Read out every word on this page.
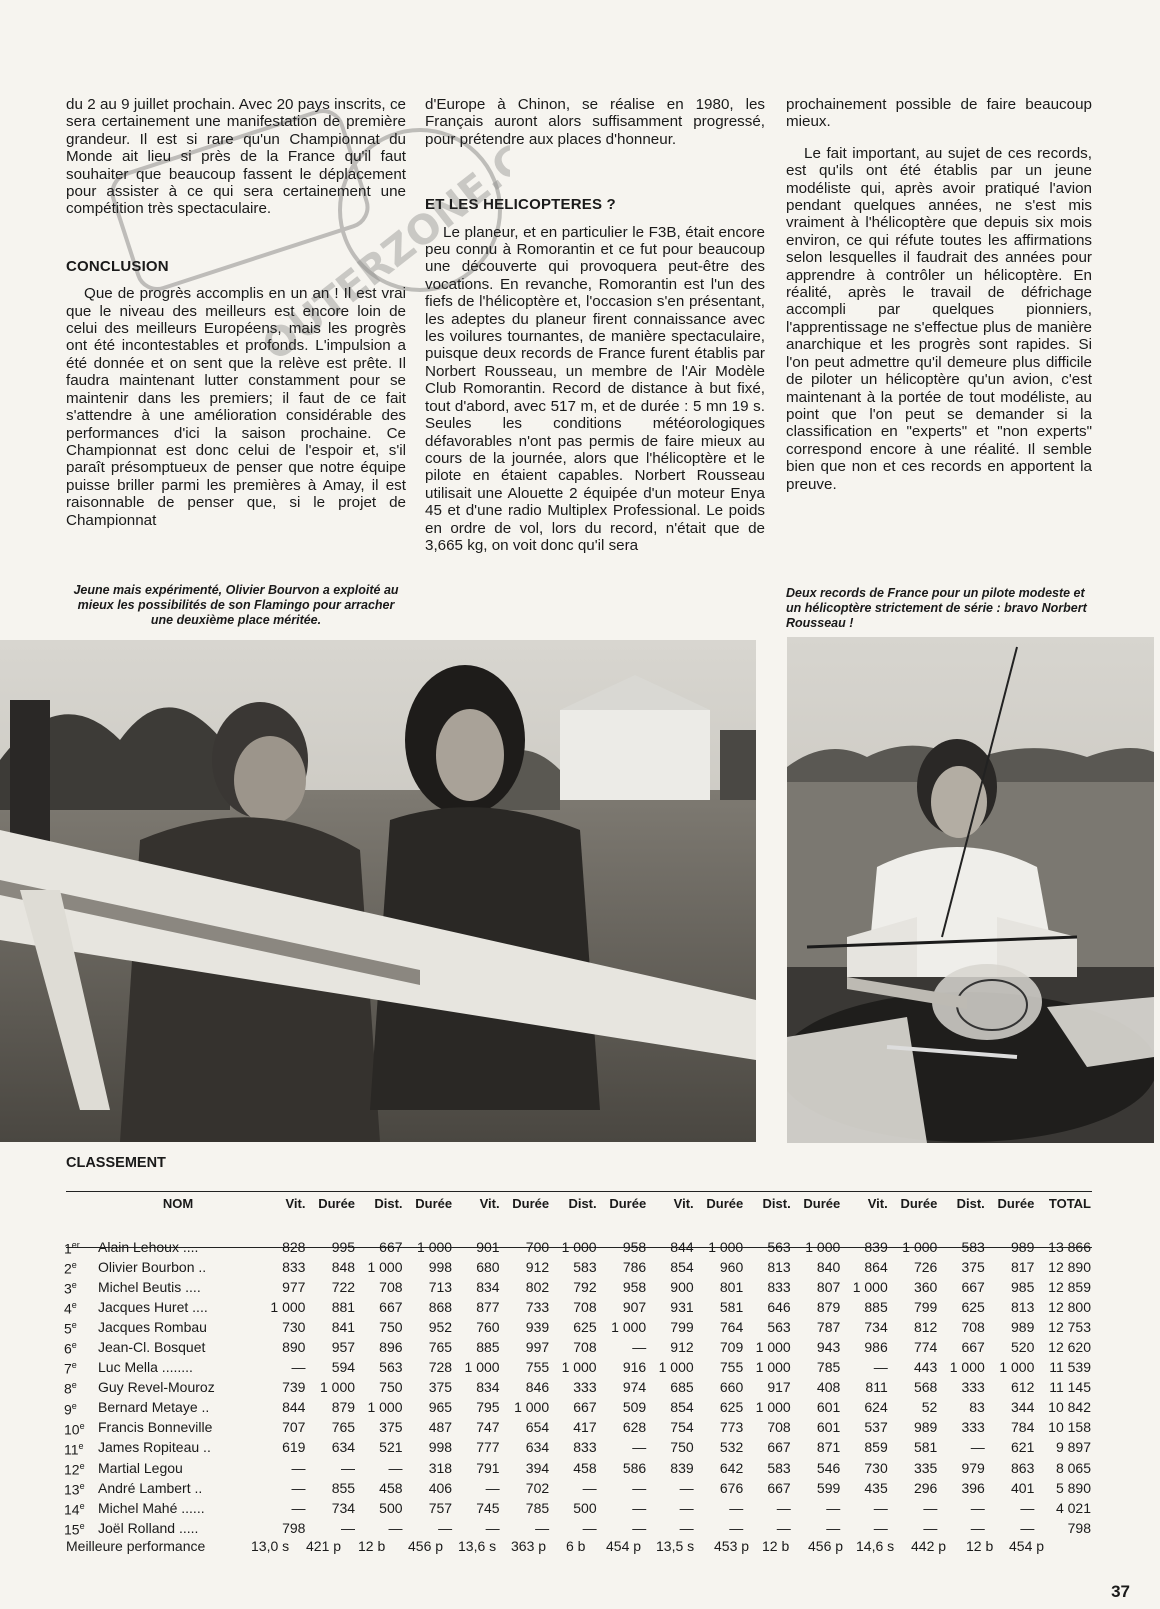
du 2 au 9 juillet prochain. Avec 20 pays inscrits, ce sera certainement une manifestation de première grandeur. Il est si rare qu'un Championnat du Monde ait lieu si près de la France qu'il faut souhaiter que beaucoup fassent le déplacement pour assister à ce qui sera certainement une compétition très spectaculaire.

CONCLUSION

Que de progrès accomplis en un an ! Il est vrai que le niveau des meilleurs est encore loin de celui des meilleurs Européens, mais les progrès ont été incontestables et profonds. L'impulsion a été donnée et on sent que la relève est prête. Il faudra maintenant lutter constamment pour se maintenir dans les premiers; il faut de ce fait s'attendre à une amélioration considérable des performances d'ici la saison prochaine. Ce Championnat est donc celui de l'espoir et, s'il paraît présomptueux de penser que notre équipe puisse briller parmi les premières à Amay, il est raisonnable de penser que, si le projet de Championnat

Jeune mais expérimenté, Olivier Bourvon a exploité au mieux les possibilités de son Flamingo pour arracher une deuxième place méritée.

d'Europe à Chinon, se réalise en 1980, les Français auront alors suffisamment progressé, pour prétendre aux places d'honneur.

ET LES HELICOPTERES ?

Le planeur, et en particulier le F3B, était encore peu connu à Romorantin et ce fut pour beaucoup une découverte qui provoquera peut-être des vocations. En revanche, Romorantin est l'un des fiefs de l'hélicoptère et, l'occasion s'en présentant, les adeptes du planeur firent connaissance avec les voilures tournantes, de manière spectaculaire, puisque deux records de France furent établis par Norbert Rousseau, un membre de l'Air Modèle Club Romorantin. Record de distance à but fixé, tout d'abord, avec 517 m, et de durée : 5 mn 19 s. Seules les conditions météorologiques défavorables n'ont pas permis de faire mieux au cours de la journée, alors que l'hélicoptère et le pilote en étaient capables. Norbert Rousseau utilisait une Alouette 2 équipée d'un moteur Enya 45 et d'une radio Multiplex Professional. Le poids en ordre de vol, lors du record, n'était que de 3,665 kg, on voit donc qu'il sera

prochainement possible de faire beaucoup mieux.

Le fait important, au sujet de ces records, est qu'ils ont été établis par un jeune modéliste qui, après avoir pratiqué l'avion pendant quelques années, ne s'est mis vraiment à l'hélicoptère que depuis six mois environ, ce qui réfute toutes les affirmations selon lesquelles il faudrait des années pour apprendre à contrôler un hélicoptère. En réalité, après le travail de défrichage accompli par quelques pionniers, l'apprentissage ne s'effectue plus de manière anarchique et les progrès sont rapides. Si l'on peut admettre qu'il demeure plus difficile de piloter un hélicoptère qu'un avion, c'est maintenant à la portée de tout modéliste, au point que l'on peut se demander si la classification en "experts" et "non experts" correspond encore à une réalité. Il semble bien que non et ces records en apportent la preuve.

Deux records de France pour un pilote modeste et un hélicoptère strictement de série : bravo Norbert Rousseau !
OUTERZONE.COM
CLASSEMENT
	NOM	Vit.	Durée	Dist.	Durée	Vit.	Durée	Dist.	Durée	Vit.	Durée	Dist.	Durée	Vit.	Durée	Dist.	Durée	TOTAL
1er	Alain Lehoux ....	828	995	667	1 000	901	700	1 000	958	844	1 000	563	1 000	839	1 000	583	989	13 866
2e	Olivier Bourbon ..	833	848	1 000	998	680	912	583	786	854	960	813	840	864	726	375	817	12 890
3e	Michel Beutis ....	977	722	708	713	834	802	792	958	900	801	833	807	1 000	360	667	985	12 859
4e	Jacques Huret ....	1 000	881	667	868	877	733	708	907	931	581	646	879	885	799	625	813	12 800
5e	Jacques Rombau	730	841	750	952	760	939	625	1 000	799	764	563	787	734	812	708	989	12 753
6e	Jean-Cl. Bosquet	890	957	896	765	885	997	708	—	912	709	1 000	943	986	774	667	520	12 620
7e	Luc Mella ........	—	594	563	728	1 000	755	1 000	916	1 000	755	1 000	785	—	443	1 000	1 000	11 539
8e	Guy Revel-Mouroz	739	1 000	750	375	834	846	333	974	685	660	917	408	811	568	333	612	11 145
9e	Bernard Metaye ..	844	879	1 000	965	795	1 000	667	509	854	625	1 000	601	624	52	83	344	10 842
10e	Francis Bonneville	707	765	375	487	747	654	417	628	754	773	708	601	537	989	333	784	10 158
11e	James Ropiteau ..	619	634	521	998	777	634	833	—	750	532	667	871	859	581	—	621	9 897
12e	Martial Legou	—	—	—	318	791	394	458	586	839	642	583	546	730	335	979	863	8 065
13e	André Lambert ..	—	855	458	406	—	702	—	—	—	676	667	599	435	296	396	401	5 890
14e	Michel Mahé ......	—	734	500	757	745	785	500	—	—	—	—	—	—	—	—	—	4 021
15e	Joël Rolland .....	798	—	—	—	—	—	—	—	—	—	—	—	—	—	—	—	798
Meilleure performance	13,0 s 421 p 12 b 456 p 13,6 s 363 p 6 b 454 p 13,5 s 453 p 12 b 456 p 14,6 s 442 p 12 b 454 p
37
